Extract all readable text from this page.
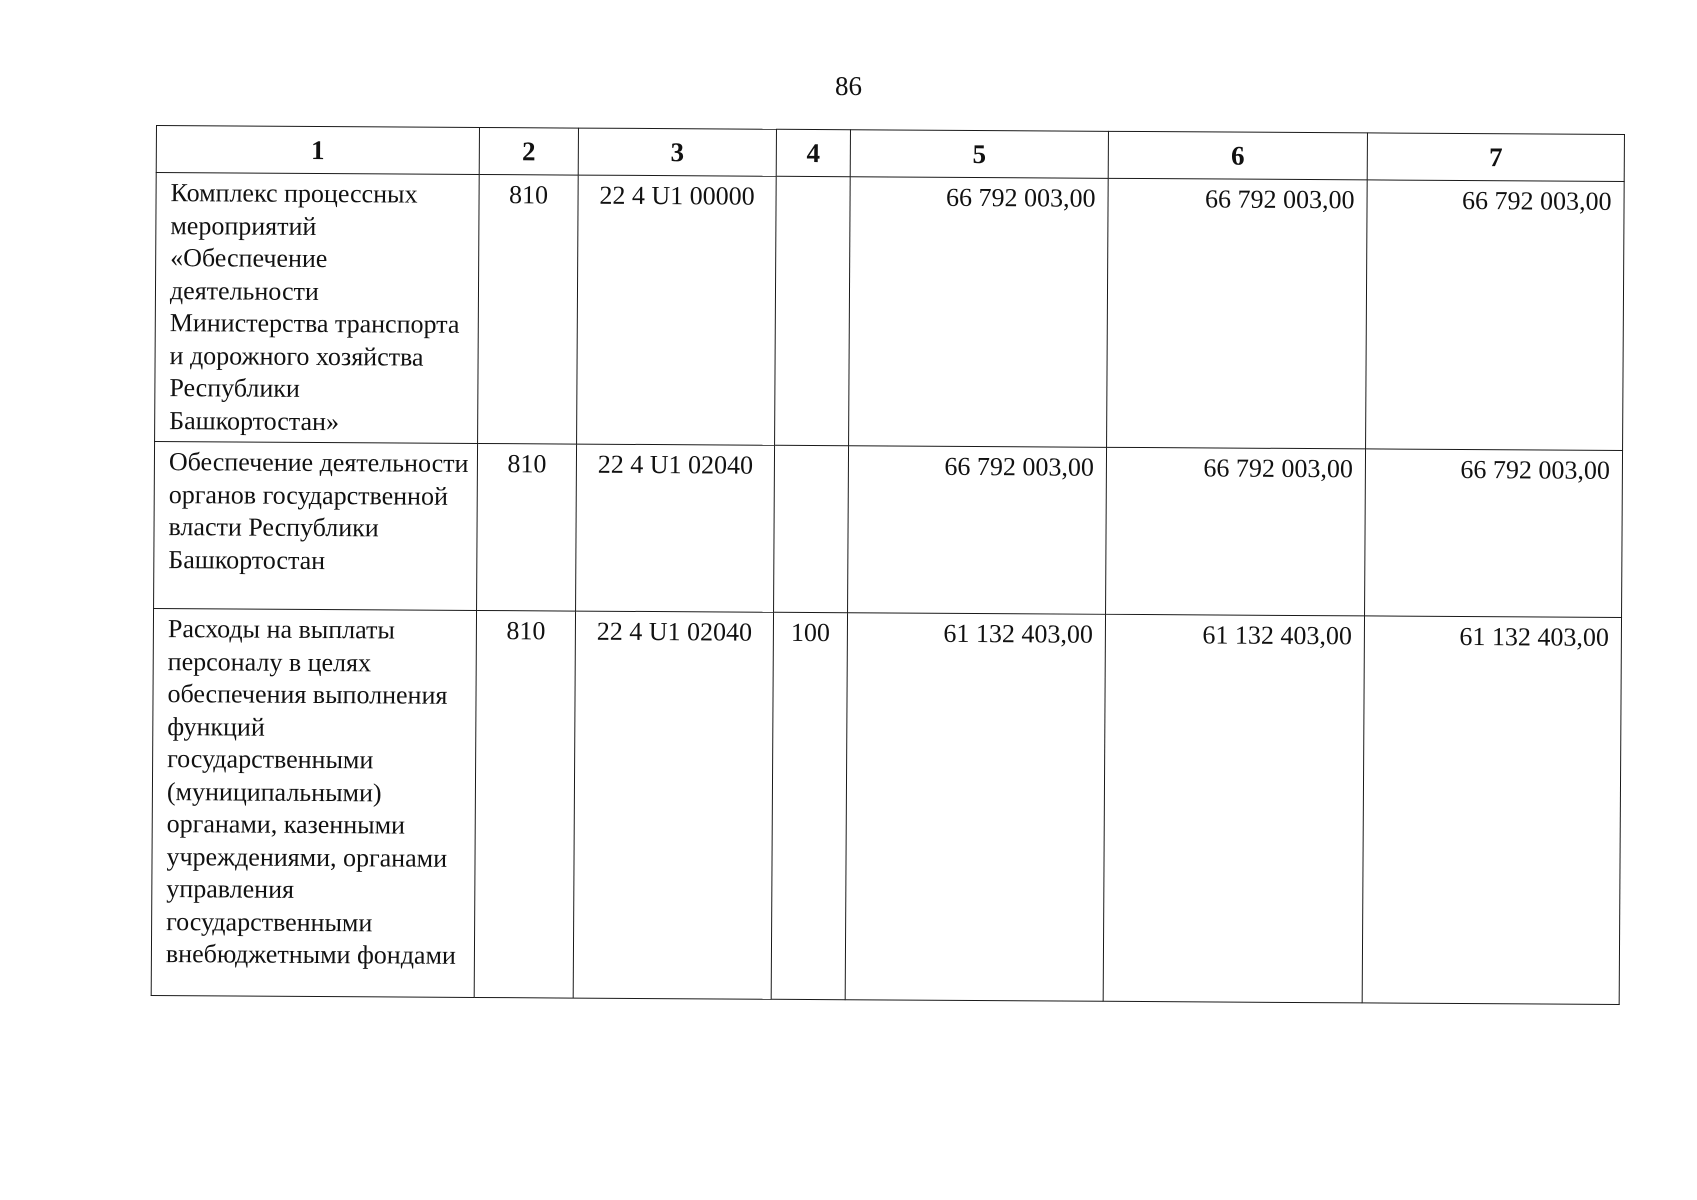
86
1	2	3	4	5	6	7
Комплекс процессных мероприятий «Обеспечение деятельности Министерства транспорта и дорожного хозяйства Республики Башкортостан»	810	22 4 U1 00000		66 792 003,00	66 792 003,00	66 792 003,00
Обеспечение деятельности органов государственной власти Республики Башкортостан	810	22 4 U1 02040		66 792 003,00	66 792 003,00	66 792 003,00
Расходы на выплаты персоналу в целях обеспечения выполнения функций государственными (муниципальными) органами, казенными учреждениями, органами управления государственными внебюджетными фондами	810	22 4 U1 02040	100	61 132 403,00	61 132 403,00	61 132 403,00
